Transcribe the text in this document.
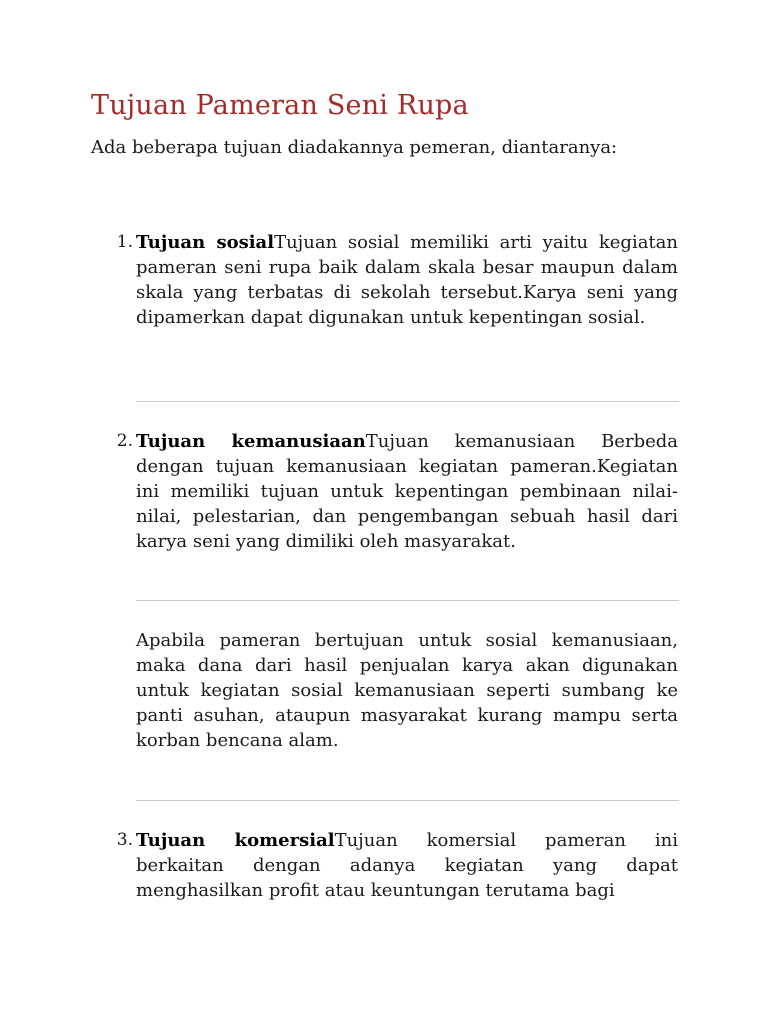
Tujuan Pameran Seni Rupa

Ada beberapa tujuan diadakannya pemeran, diantaranya:

1. Tujuan sosialTujuan sosial memiliki arti yaitu kegiatan pameran seni rupa baik dalam skala besar maupun dalam skala yang terbatas di sekolah tersebut.Karya seni yang dipamerkan dapat digunakan untuk kepentingan sosial.
2. Tujuan kemanusiaanTujuan kemanusiaan Berbeda dengan tujuan kemanusiaan kegiatan pameran.Kegiatan ini memiliki tujuan untuk kepentingan pembinaan nilai-nilai, pelestarian, dan pengembangan sebuah hasil dari karya seni yang dimiliki oleh masyarakat.
Apabila pameran bertujuan untuk sosial kemanusiaan, maka dana dari hasil penjualan karya akan digunakan untuk kegiatan sosial kemanusiaan seperti sumbang ke panti asuhan, ataupun masyarakat kurang mampu serta korban bencana alam.
3. Tujuan komersialTujuan komersial pameran ini berkaitan dengan adanya kegiatan yang dapat menghasilkan profit atau keuntungan terutama bagi
